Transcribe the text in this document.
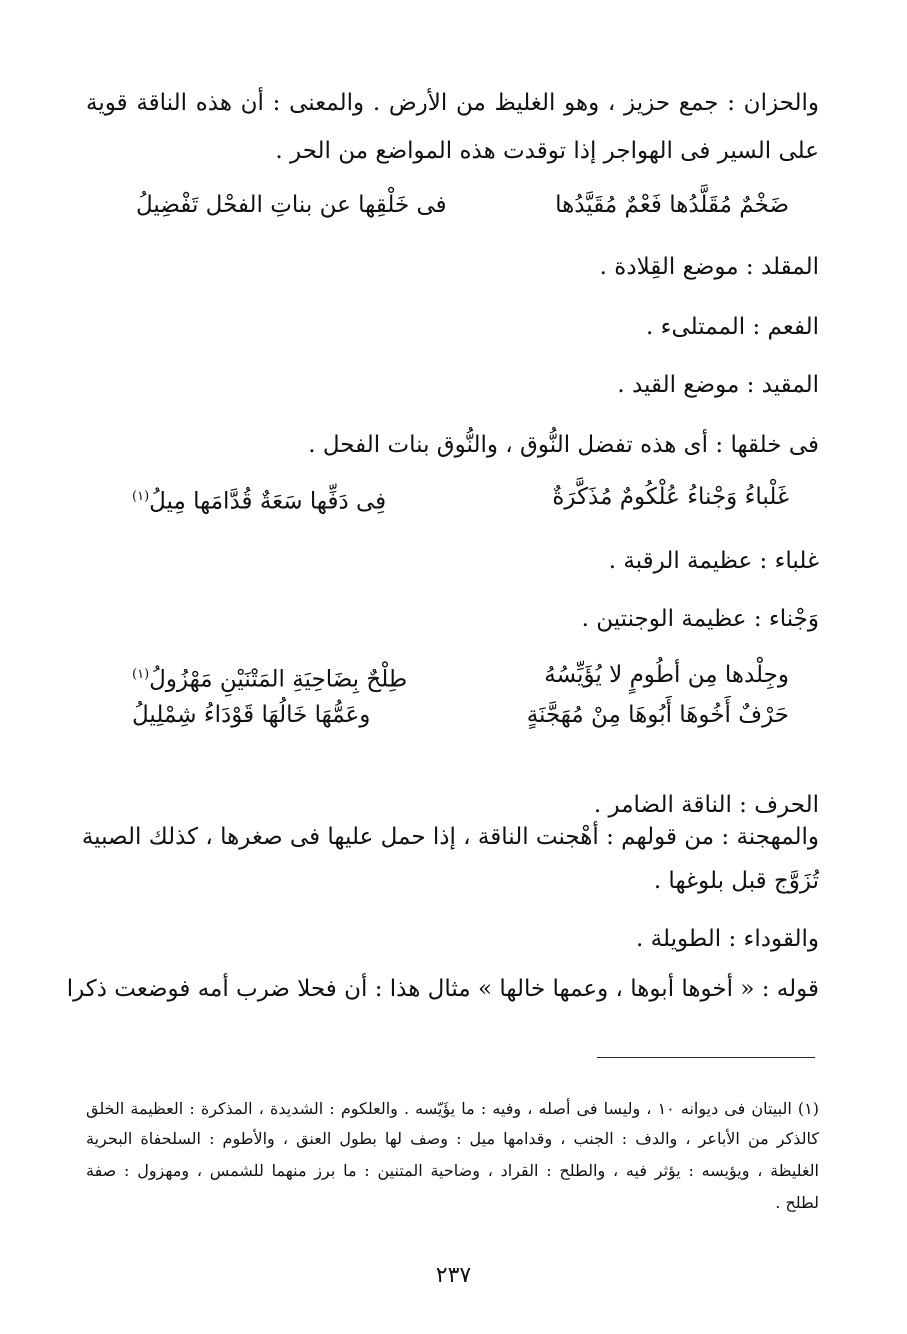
والحزان : جمع حزيز ، وهو الغليظ من الأرض . والمعنى : أن هذه الناقة قوية
على السير فى الهواجر إذا توقدت هذه المواضع من الحر .
ضَخْمٌ مُقَلَّدُها فَعْمٌ مُقَيَّدُها
فى خَلْقِها عن بناتِ الفحْل تَفْضِيلُ
المقلد : موضع القِلادة .
الفعم : الممتلىء .
المقيد : موضع القيد .
فى خلقها : أى هذه تفضل النُّوق ، والنُّوق بنات الفحل .
غَلْباءُ وَجْناءُ عُلْكُومٌ مُذَكَّرَةٌ
فِى دَفِّها سَعَةٌ قُدَّامَها مِيلُ$^{(١)}$
غلباء : عظيمة الرقبة .
وَجْناء : عظيمة الوجنتين .
وجِلْدها مِن أطُومٍ لا يُؤَيِّسُهُ
طِلْحٌ بِضَاحِيَةِ المَتْنَيْنِ مَهْزُولُ$^{(١)}$
حَرْفٌ أَخُوهَا أَبُوهَا مِنْ مُهَجَّنَةٍ
وعَمُّهَا خَالُهَا قَوْدَاءُ شِمْلِيلُ
الحرف : الناقة الضامر .
والمهجنة : من قولهم : أهْجنت الناقة ، إذا حمل عليها فى صغرها ، كذلك الصبية
تُزَوَّج قبل بلوغها .
والقوداء : الطويلة .
قوله : « أخوها أبوها ، وعمها خالها » مثال هذا : أن فحلا ضرب أمه فوضعت ذكرا
(١) البيتان فى ديوانه ١٠ ، وليسا فى أصله ، وفيه : ما يؤَيّسه . والعلكوم : الشديدة ، المذكرة : العظيمة الخلق
كالذكر من الأباعر ، والدف : الجنب ، وقدامها ميل : وصف لها بطول العنق ، والأطوم : السلحفاة البحرية
الغليظة ، ويؤيسه : يؤثر فيه ، والطلح : القراد ، وضاحية المتنين : ما برز منهما للشمس ، ومهزول : صفة
لطلح .
٢٣٧
